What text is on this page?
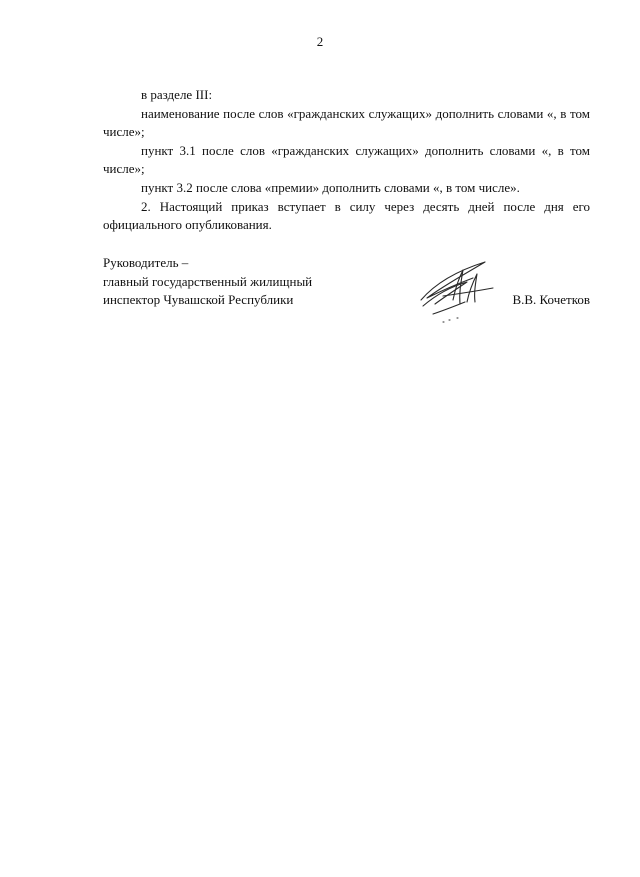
2

в разделе III:

наименование после слов «гражданских служащих» дополнить словами «, в том числе»;

пункт 3.1 после слов «гражданских служащих» дополнить словами «, в том числе»;

пункт 3.2 после слова «премии» дополнить словами «, в том числе».

2. Настоящий приказ вступает в силу через десять дней после дня его официального опубликования.

Руководитель –
главный государственный жилищный
инспектор Чувашской Республики	В.В. Кочетков
